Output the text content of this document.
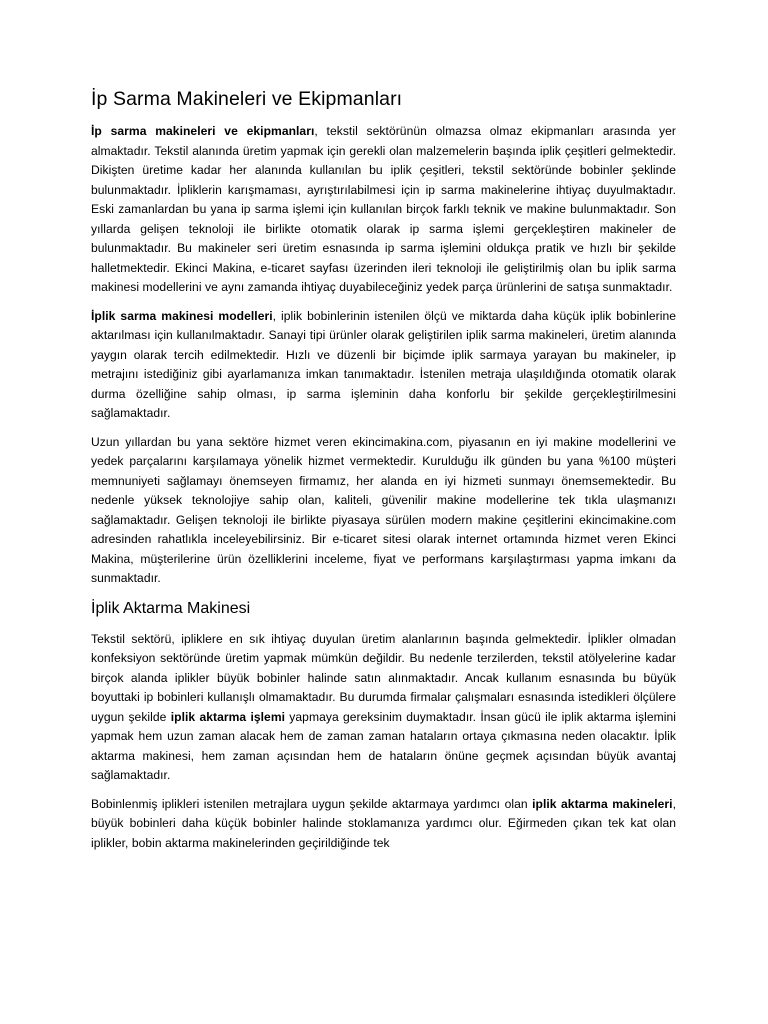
İp Sarma Makineleri ve Ekipmanları

İp sarma makineleri ve ekipmanları, tekstil sektörünün olmazsa olmaz ekipmanları arasında yer almaktadır. Tekstil alanında üretim yapmak için gerekli olan malzemelerin başında iplik çeşitleri gelmektedir. Dikişten üretime kadar her alanında kullanılan bu iplik çeşitleri, tekstil sektöründe bobinler şeklinde bulunmaktadır. İpliklerin karışmaması, ayrıştırılabilmesi için ip sarma makinelerine ihtiyaç duyulmaktadır. Eski zamanlardan bu yana ip sarma işlemi için kullanılan birçok farklı teknik ve makine bulunmaktadır. Son yıllarda gelişen teknoloji ile birlikte otomatik olarak ip sarma işlemi gerçekleştiren makineler de bulunmaktadır. Bu makineler seri üretim esnasında ip sarma işlemini oldukça pratik ve hızlı bir şekilde halletmektedir. Ekinci Makina, e-ticaret sayfası üzerinden ileri teknoloji ile geliştirilmiş olan bu iplik sarma makinesi modellerini ve aynı zamanda ihtiyaç duyabileceğiniz yedek parça ürünlerini de satışa sunmaktadır.

İplik sarma makinesi modelleri, iplik bobinlerinin istenilen ölçü ve miktarda daha küçük iplik bobinlerine aktarılması için kullanılmaktadır. Sanayi tipi ürünler olarak geliştirilen iplik sarma makineleri, üretim alanında yaygın olarak tercih edilmektedir. Hızlı ve düzenli bir biçimde iplik sarmaya yarayan bu makineler, ip metrajını istediğiniz gibi ayarlamanıza imkan tanımaktadır. İstenilen metraja ulaşıldığında otomatik olarak durma özelliğine sahip olması, ip sarma işleminin daha konforlu bir şekilde gerçekleştirilmesini sağlamaktadır.

Uzun yıllardan bu yana sektöre hizmet veren ekincimakina.com, piyasanın en iyi makine modellerini ve yedek parçalarını karşılamaya yönelik hizmet vermektedir. Kurulduğu ilk günden bu yana %100 müşteri memnuniyeti sağlamayı önemseyen firmamız, her alanda en iyi hizmeti sunmayı önemsemektedir. Bu nedenle yüksek teknolojiye sahip olan, kaliteli, güvenilir makine modellerine tek tıkla ulaşmanızı sağlamaktadır. Gelişen teknoloji ile birlikte piyasaya sürülen modern makine çeşitlerini ekincimakine.com adresinden rahatlıkla inceleyebilirsiniz. Bir e-ticaret sitesi olarak internet ortamında hizmet veren Ekinci Makina, müşterilerine ürün özelliklerini inceleme, fiyat ve performans karşılaştırması yapma imkanı da sunmaktadır.

İplik Aktarma Makinesi

Tekstil sektörü, ipliklere en sık ihtiyaç duyulan üretim alanlarının başında gelmektedir. İplikler olmadan konfeksiyon sektöründe üretim yapmak mümkün değildir. Bu nedenle terzilerden, tekstil atölyelerine kadar birçok alanda iplikler büyük bobinler halinde satın alınmaktadır. Ancak kullanım esnasında bu büyük boyuttaki ip bobinleri kullanışlı olmamaktadır. Bu durumda firmalar çalışmaları esnasında istedikleri ölçülere uygun şekilde iplik aktarma işlemi yapmaya gereksinim duymaktadır. İnsan gücü ile iplik aktarma işlemini yapmak hem uzun zaman alacak hem de zaman zaman hataların ortaya çıkmasına neden olacaktır. İplik aktarma makinesi, hem zaman açısından hem de hataların önüne geçmek açısından büyük avantaj sağlamaktadır.

Bobinlenmiş iplikleri istenilen metrajlara uygun şekilde aktarmaya yardımcı olan iplik aktarma makineleri, büyük bobinleri daha küçük bobinler halinde stoklamanıza yardımcı olur. Eğirmeden çıkan tek kat olan iplikler, bobin aktarma makinelerinden geçirildiğinde tek
